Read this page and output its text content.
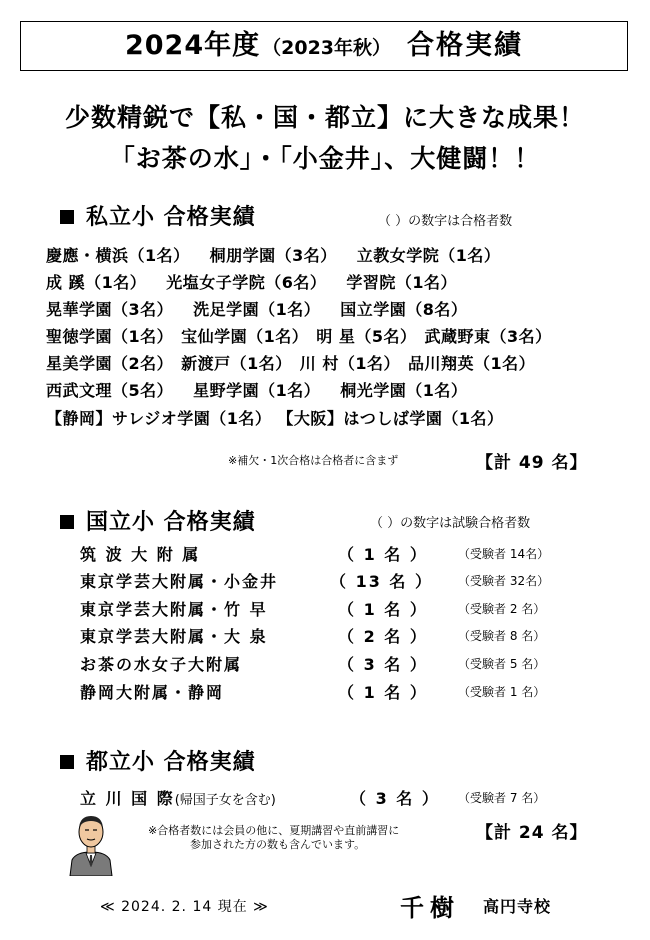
2024年度 （2023年秋） 合格実績
少数精鋭で【私・国・都立】に大きな成果！
「お茶の水」・「小金井」、大健闘！！
私立小 合格実績	（ ）の数字は合格者数
慶應・横浜（1名） 桐朋学園（3名） 立教女学院（1名）
成 蹊（1名） 光塩女子学院（6名） 学習院（1名）
晃華学園（3名） 洗足学園（1名） 国立学園（8名）
聖徳学園（1名） 宝仙学園（1名） 明 星（5名） 武蔵野東（3名）
星美学園（2名） 新渡戸（1名） 川 村（1名） 品川翔英（1名）
西武文理（5名） 星野学園（1名） 桐光学園（1名）
【静岡】サレジオ学園（1名） 【大阪】はつしば学園（1名）
※補欠・1次合格は合格者に含まず	【計 49 名】
国立小 合格実績	（ ）の数字は試験合格者数
筑 波 大 附 属	（ 1 名 ）	（受験者 14名）
東京学芸大附属・小金井	（ 13 名 ） （受験者 32名）
東京学芸大附属・竹 早	（ 1 名 ）	（受験者 2 名）
東京学芸大附属・大 泉	（ 2 名 ）	（受験者 8 名）
お茶の水女子大附属	（ 3 名 ）	（受験者 5 名）
静岡大附属・静岡	（ 1 名 ）	（受験者 1 名）
都立小 合格実績
立 川 国 際(帰国子女を含む)	（ 3 名 ） （受験者 7 名）
※合格者数には会員の他に、夏期講習や直前講習に
参加された方の数も含んでいます。
【計 24 名】
≪ 2024. 2. 14 現在 ≫	千樹 高円寺校
